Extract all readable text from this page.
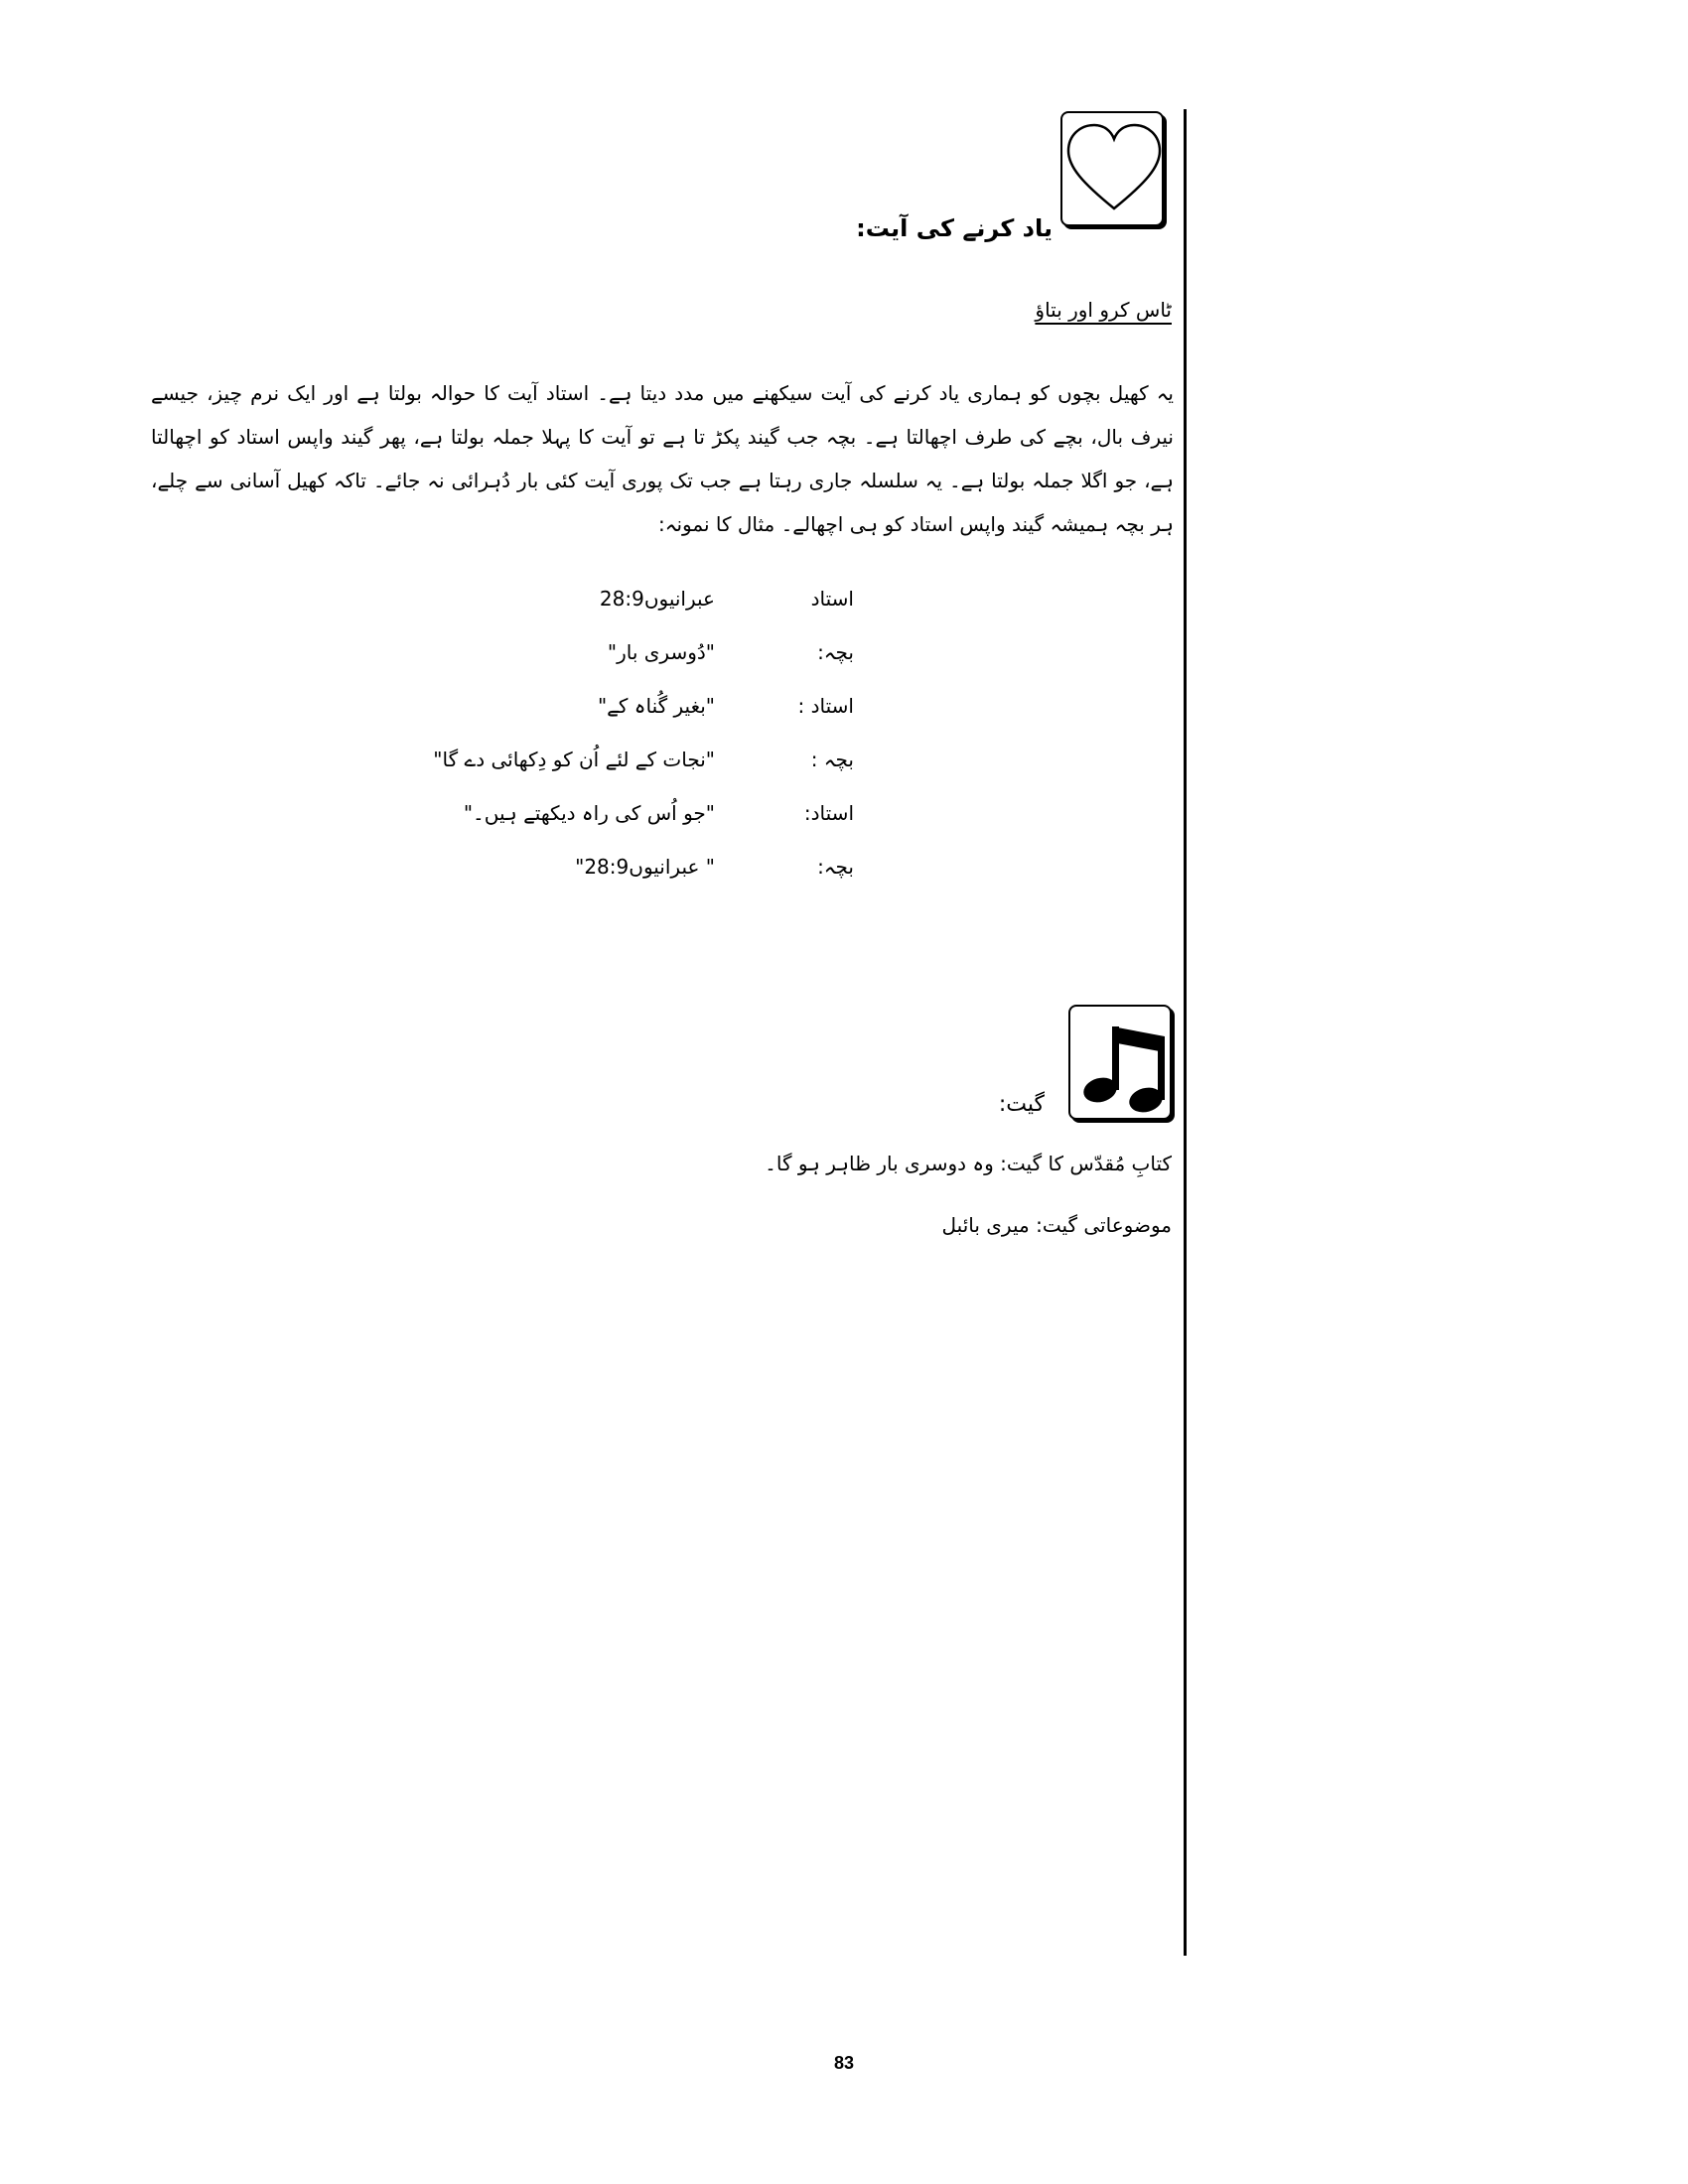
یاد کرنے کی آیت:
ٹاس کرو اور بتاؤ
یہ کھیل بچوں کو ہماری یاد کرنے کی آیت سیکھنے میں مدد دیتا ہے۔ استاد آیت کا حوالہ بولتا ہے اور ایک نرم چیز، جیسے نیرف بال، بچے کی طرف اچھالتا ہے۔ بچہ جب گیند پکڑ تا ہے تو آیت کا پہلا جملہ بولتا ہے، پھر گیند واپس استاد کو اچھالتا ہے، جو اگلا جملہ بولتا ہے۔ یہ سلسلہ جاری رہتا ہے جب تک پوری آیت کئی بار دُہرائی نہ جائے۔ تاکہ کھیل آسانی سے چلے، ہر بچہ ہمیشہ گیند واپس استاد کو ہی اچھالے۔ مثال کا نمونہ:
استاد
عبرانیوں28:9
بچہ:
"دُوسری بار"
استاد :
"بغیر گُناہ کے"
بچہ :
"نجات کے لئے اُن کو دِکھائی دے گا"
استاد:
"جو اُس کی راہ دیکھتے ہیں۔"
بچہ:
" عبرانیوں28:9"
گیت:
کتابِ مُقدّس کا گیت: وہ دوسری بار ظاہر ہو گا۔
موضوعاتی گیت: میری بائبل
83
